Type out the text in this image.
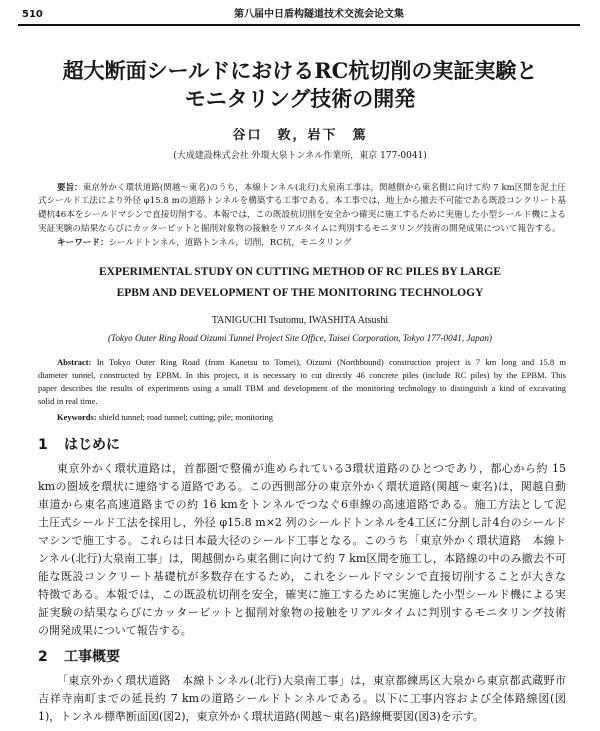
510	第八届中日盾构隧道技术交流会论文集
超大断面シールドにおけるRC杭切削の実証実験と
モニタリング技術の開発
谷口　敦，岩下　篤
(大成建設株式会社 外環大泉トンネル作業所，東京 177-0041)
要旨：東京外かく環状道路(関越～東名)のうち，本線トンネル(北行)大泉南工事は，関越側から東名側に向けて約 7 km区間を泥土圧
式シールド工法により外径 φ15.8 mの道路トンネルを構築する工事である。本工事では，地上から撤去不可能である既設コンクリート基
礎杭46本をシールドマシンで直接切削する。本報では，この既設杭切削を安全かつ確実に施工するために実施した小型シールド機による
実証実験の結果ならびにカッタービットと掘削対象物の接触をリアルタイムに判別するモニタリング技術の開発成果について報告する。
キーワード：シールドトンネル，道路トンネル，切削，RC杭，モニタリング
EXPERIMENTAL STUDY ON CUTTING METHOD OF RC PILES BY LARGE
EPBM AND DEVELOPMENT OF THE MONITORING TECHNOLOGY
TANIGUCHI Tsutomu, IWASHITA Atsushi
(Tokyo Outer Ring Road Oizumi Tunnel Project Site Office, Taisei Corporation, Tokyo 177-0041, Japan)
Abstract: In Tokyo Outer Ring Road (from Kanetsu to Tomei), Oizumi (Northbound) construction project is 7 km long and 15.8 m
diameter tunnel, constructed by EPBM. In this project, it is necessary to cut directly 46 concrete piles (include RC piles) by the EPBM. This
paper describes the results of experiments using a small TBM and development of the monitoring technology to distinguish a kind of excavating
solid in real time.
Keywords: shield tunnel; road tunnel; cutting; pile; monitoring
1 はじめに
東京外かく環状道路は，首都圏で整備が進められている3環状道路のひとつであり，都心から約 15
kmの圏域を環状に連絡する道路である。この西側部分の東京外かく環状道路(関越～東名)は，関越自動
車道から東名高速道路までの約 16 kmをトンネルでつなぐ6車線の高速道路である。施工方法として泥
土圧式シールド工法を採用し，外径 φ15.8 m×2 列のシールドトンネルを4工区に分割し計4台のシールド
マシンで施工する。これらは日本最大径のシールド工事となる。このうち「東京外かく環状道路　本線ト
ンネル(北行)大泉南工事」は，関越側から東名側に向けて約 7 km区間を施工し，本路線の中のみ撤去不可
能な既設コンクリート基礎杭が多数存在するため，これをシールドマシンで直接切削することが大きな
特徴である。本報では，この既設杭切削を安全，確実に施工するために実施した小型シールド機による実
証実験の結果ならびにカッタービットと掘削対象物の接触をリアルタイムに判別するモニタリング技術
の開発成果について報告する。
2 工事概要
「東京外かく環状道路　本線トンネル(北行)大泉南工事」は，東京都練馬区大泉から東京都武蔵野市
吉祥寺南町までの延長約 7 kmの道路シールドトンネルである。以下に工事内容および全体路線図(図
1)，トンネル標準断面図(図2)，東京外かく環状道路(関越～東名)路線概要図(図3)を示す。
